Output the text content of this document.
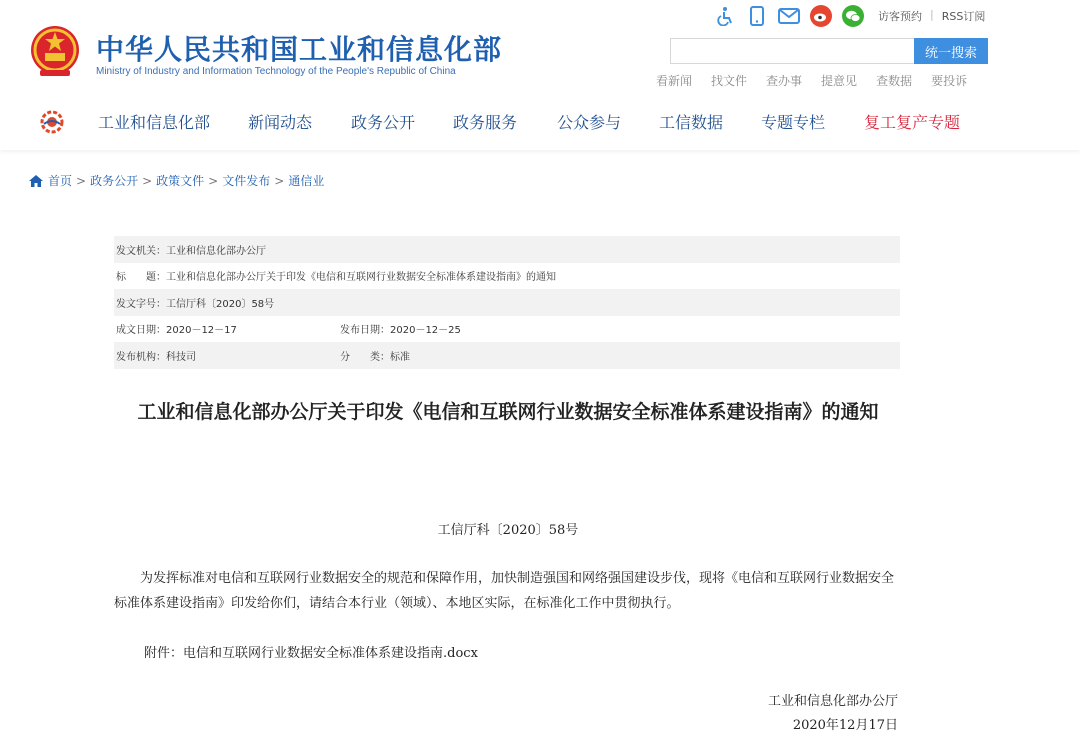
中华人民共和国工业和信息化部
Ministry of Industry and Information Technology of the People's Republic of China
访客预约 | RSS订阅
统一搜索
看新闻 找文件 查办事 提意见 查数据 要投诉
工业和信息化部 新闻动态 政务公开 政务服务 公众参与 工信数据 专题专栏 复工复产专题
首页 > 政务公开 > 政策文件 > 文件发布 > 通信业
发文机关：工业和信息化部办公厅
标　　题：工业和信息化部办公厅关于印发《电信和互联网行业数据安全标准体系建设指南》的通知
发文字号：工信厅科〔2020〕58号
成文日期：2020－12－17	发布日期：2020－12－25
发布机构：科技司	分　　类：标准
工业和信息化部办公厅关于印发《电信和互联网行业数据安全标准体系建设指南》的通知
工信厅科〔2020〕58号
为发挥标准对电信和互联网行业数据安全的规范和保障作用，加快制造强国和网络强国建设步伐，现将《电信和互联网行业数据安全标准体系建设指南》印发给你们，请结合本行业（领域）、本地区实际，在标准化工作中贯彻执行。
附件：电信和互联网行业数据安全标准体系建设指南.docx
工业和信息化部办公厅
2020年12月17日
